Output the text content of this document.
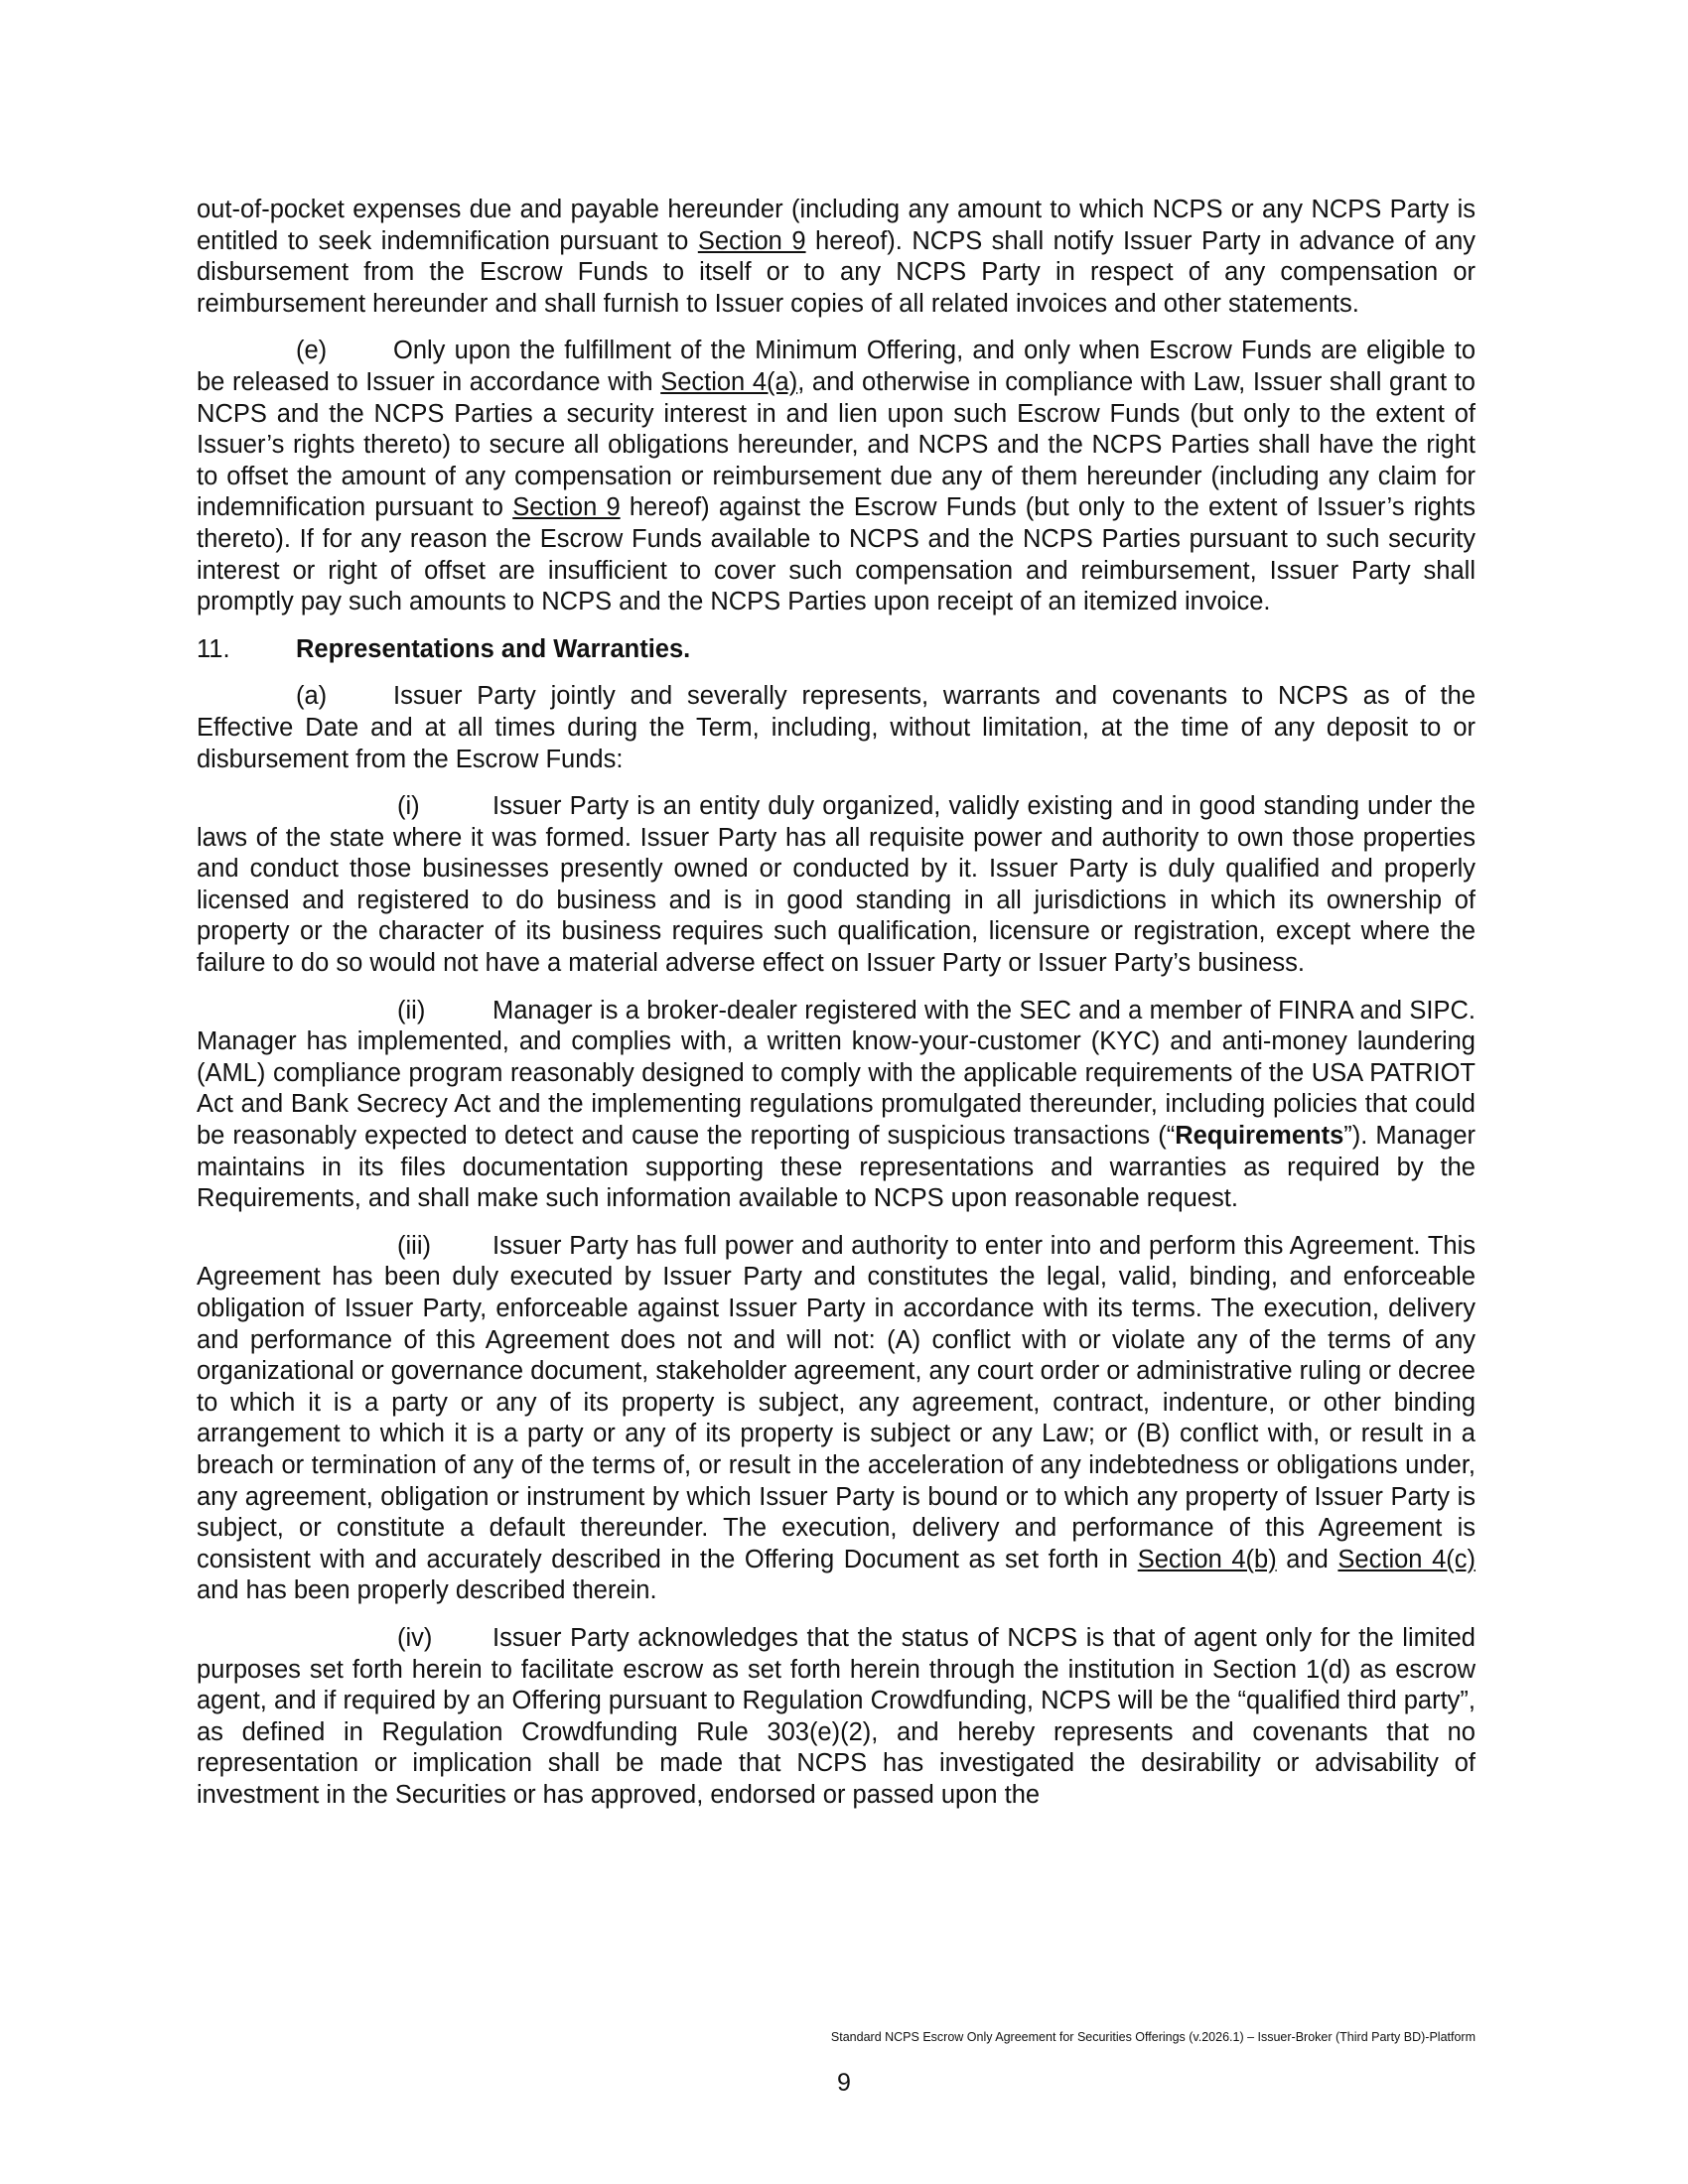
out-of-pocket expenses due and payable hereunder (including any amount to which NCPS or any NCPS Party is entitled to seek indemnification pursuant to Section 9 hereof). NCPS shall notify Issuer Party in advance of any disbursement from the Escrow Funds to itself or to any NCPS Party in respect of any compensation or reimbursement hereunder and shall furnish to Issuer copies of all related invoices and other statements.

(e)	Only upon the fulfillment of the Minimum Offering, and only when Escrow Funds are eligible to be released to Issuer in accordance with Section 4(a), and otherwise in compliance with Law, Issuer shall grant to NCPS and the NCPS Parties a security interest in and lien upon such Escrow Funds (but only to the extent of Issuer’s rights thereto) to secure all obligations hereunder, and NCPS and the NCPS Parties shall have the right to offset the amount of any compensation or reimbursement due any of them hereunder (including any claim for indemnification pursuant to Section 9 hereof) against the Escrow Funds (but only to the extent of Issuer’s rights thereto). If for any reason the Escrow Funds available to NCPS and the NCPS Parties pursuant to such security interest or right of offset are insufficient to cover such compensation and reimbursement, Issuer Party shall promptly pay such amounts to NCPS and the NCPS Parties upon receipt of an itemized invoice.

11.	Representations and Warranties.

(a)	Issuer Party jointly and severally represents, warrants and covenants to NCPS as of the Effective Date and at all times during the Term, including, without limitation, at the time of any deposit to or disbursement from the Escrow Funds:

(i)	Issuer Party is an entity duly organized, validly existing and in good standing under the laws of the state where it was formed. Issuer Party has all requisite power and authority to own those properties and conduct those businesses presently owned or conducted by it. Issuer Party is duly qualified and properly licensed and registered to do business and is in good standing in all jurisdictions in which its ownership of property or the character of its business requires such qualification, licensure or registration, except where the failure to do so would not have a material adverse effect on Issuer Party or Issuer Party’s business.

(ii)	Manager is a broker-dealer registered with the SEC and a member of FINRA and SIPC. Manager has implemented, and complies with, a written know-your-customer (KYC) and anti-money laundering (AML) compliance program reasonably designed to comply with the applicable requirements of the USA PATRIOT Act and Bank Secrecy Act and the implementing regulations promulgated thereunder, including policies that could be reasonably expected to detect and cause the reporting of suspicious transactions (“Requirements”). Manager maintains in its files documentation supporting these representations and warranties as required by the Requirements, and shall make such information available to NCPS upon reasonable request.

(iii) Issuer Party has full power and authority to enter into and perform this Agreement. This Agreement has been duly executed by Issuer Party and constitutes the legal, valid, binding, and enforceable obligation of Issuer Party, enforceable against Issuer Party in accordance with its terms. The execution, delivery and performance of this Agreement does not and will not: (A) conflict with or violate any of the terms of any organizational or governance document, stakeholder agreement, any court order or administrative ruling or decree to which it is a party or any of its property is subject, any agreement, contract, indenture, or other binding arrangement to which it is a party or any of its property is subject or any Law; or (B) conflict with, or result in a breach or termination of any of the terms of, or result in the acceleration of any indebtedness or obligations under, any agreement, obligation or instrument by which Issuer Party is bound or to which any property of Issuer Party is subject, or constitute a default thereunder. The execution, delivery and performance of this Agreement is consistent with and accurately described in the Offering Document as set forth in Section 4(b) and Section 4(c) and has been properly described therein.

(iv) Issuer Party acknowledges that the status of NCPS is that of agent only for the limited purposes set forth herein to facilitate escrow as set forth herein through the institution in Section 1(d) as escrow agent, and if required by an Offering pursuant to Regulation Crowdfunding, NCPS will be the “qualified third party”, as defined in Regulation Crowdfunding Rule 303(e)(2), and hereby represents and covenants that no representation or implication shall be made that NCPS has investigated the desirability or advisability of investment in the Securities or has approved, endorsed or passed upon the

Standard NCPS Escrow Only Agreement for Securities Offerings (v.2026.1) – Issuer-Broker (Third Party BD)-Platform
9
